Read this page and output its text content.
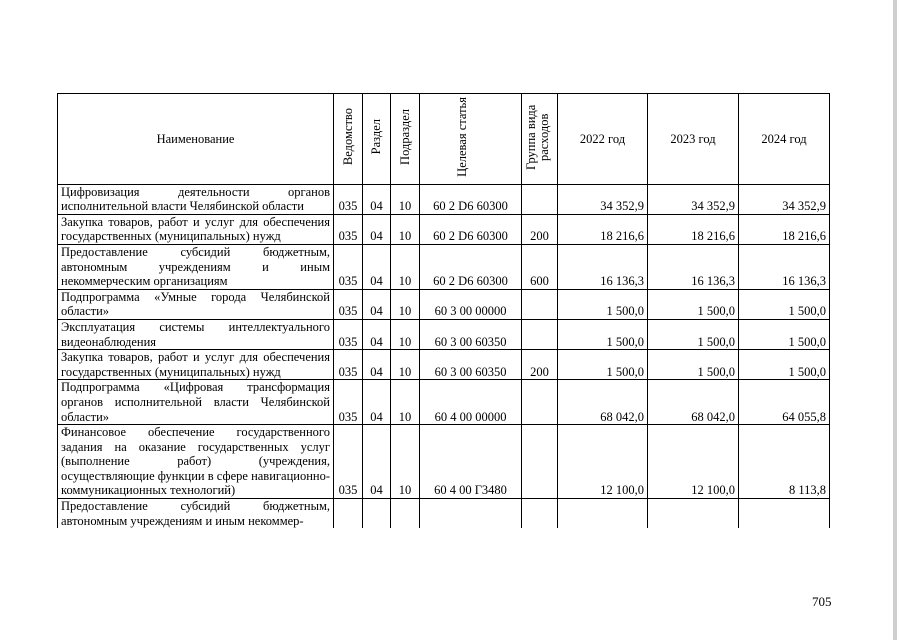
Наименование	Ведомство	Раздел	Подраздел	Целевая статья	Группа вида расходов	2022 год	2023 год	2024 год
Цифровизация деятельности органов исполнительной власти Челябинской области	035	04	10	60 2 D6 60300		34 352,9	34 352,9	34 352,9
Закупка товаров, работ и услуг для обеспечения государственных (муниципальных) нужд	035	04	10	60 2 D6 60300	200	18 216,6	18 216,6	18 216,6
Предоставление субсидий бюджетным, автономным учреждениям и иным некоммерческим организациям	035	04	10	60 2 D6 60300	600	16 136,3	16 136,3	16 136,3
Подпрограмма «Умные города Челябинской области»	035	04	10	60 3 00 00000		1 500,0	1 500,0	1 500,0
Эксплуатация системы интеллектуального видеонаблюдения	035	04	10	60 3 00 60350		1 500,0	1 500,0	1 500,0
Закупка товаров, работ и услуг для обеспечения государственных (муниципальных) нужд	035	04	10	60 3 00 60350	200	1 500,0	1 500,0	1 500,0
Подпрограмма «Цифровая трансформация органов исполнительной власти Челябинской области»	035	04	10	60 4 00 00000		68 042,0	68 042,0	64 055,8
Финансовое обеспечение государственного задания на оказание государственных услуг (выполнение работ) (учреждения, осуществляющие функции в сфере навигационно-коммуникационных технологий)	035	04	10	60 4 00 Г3480		12 100,0	12 100,0	8 113,8
Предоставление субсидий бюджетным, автономным учреждениям и иным некоммер-								
705
